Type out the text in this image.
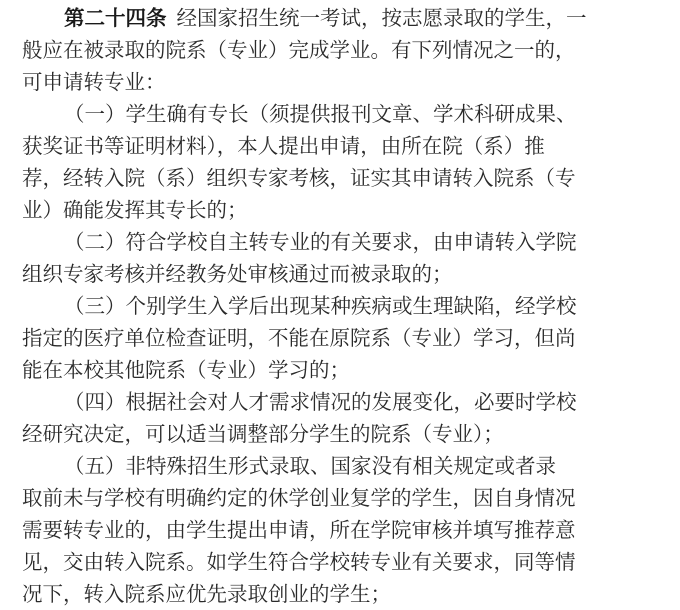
第二十四条 经国家招生统一考试，按志愿录取的学生，一
般应在被录取的院系（专业）完成学业。有下列情况之一的，
可申请转专业：
（一）学生确有专长（须提供报刊文章、学术科研成果、
获奖证书等证明材料），本人提出申请，由所在院（系）推
荐，经转入院（系）组织专家考核，证实其申请转入院系（专
业）确能发挥其专长的；
（二）符合学校自主转专业的有关要求，由申请转入学院
组织专家考核并经教务处审核通过而被录取的；
（三）个别学生入学后出现某种疾病或生理缺陷，经学校
指定的医疗单位检查证明，不能在原院系（专业）学习，但尚
能在本校其他院系（专业）学习的；
（四）根据社会对人才需求情况的发展变化，必要时学校
经研究决定，可以适当调整部分学生的院系（专业）；
（五）非特殊招生形式录取、国家没有相关规定或者录
取前未与学校有明确约定的休学创业复学的学生，因自身情况
需要转专业的，由学生提出申请，所在学院审核并填写推荐意
见，交由转入院系。如学生符合学校转专业有关要求，同等情
况下，转入院系应优先录取创业的学生；
